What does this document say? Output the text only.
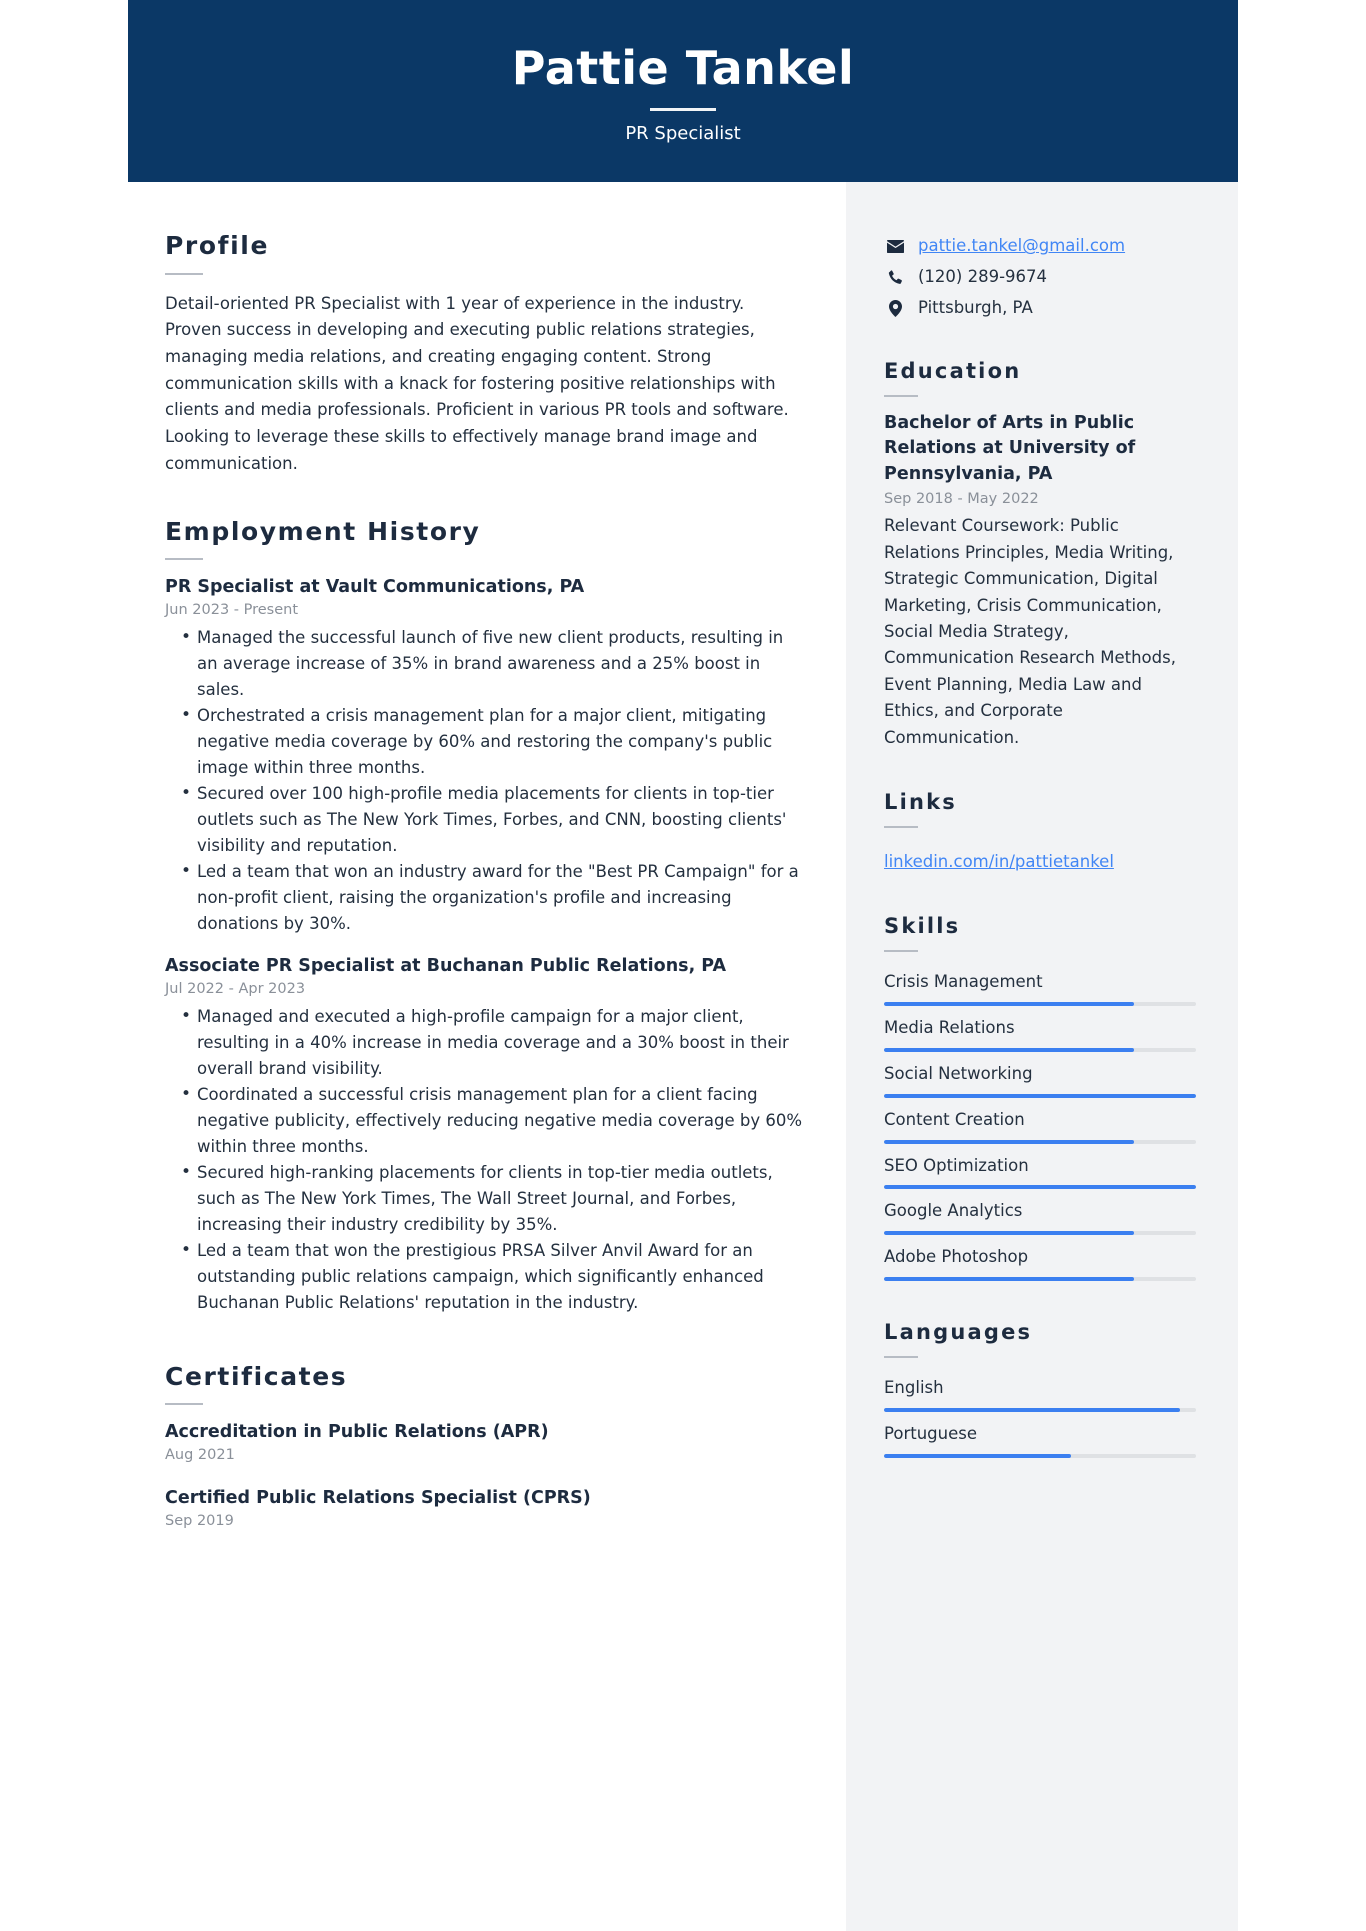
Pattie Tankel
PR Specialist
Profile
Detail-oriented PR Specialist with 1 year of experience in the industry. Proven success in developing and executing public relations strategies, managing media relations, and creating engaging content. Strong communication skills with a knack for fostering positive relationships with clients and media professionals. Proficient in various PR tools and software. Looking to leverage these skills to effectively manage brand image and communication.
Employment History
PR Specialist at Vault Communications, PA
Jun 2023 - Present
• Managed the successful launch of five new client products, resulting in an average increase of 35% in brand awareness and a 25% boost in sales.
• Orchestrated a crisis management plan for a major client, mitigating negative media coverage by 60% and restoring the company's public image within three months.
• Secured over 100 high-profile media placements for clients in top-tier outlets such as The New York Times, Forbes, and CNN, boosting clients' visibility and reputation.
• Led a team that won an industry award for the "Best PR Campaign" for a non-profit client, raising the organization's profile and increasing donations by 30%.
Associate PR Specialist at Buchanan Public Relations, PA
Jul 2022 - Apr 2023
• Managed and executed a high-profile campaign for a major client, resulting in a 40% increase in media coverage and a 30% boost in their overall brand visibility.
• Coordinated a successful crisis management plan for a client facing negative publicity, effectively reducing negative media coverage by 60% within three months.
• Secured high-ranking placements for clients in top-tier media outlets, such as The New York Times, The Wall Street Journal, and Forbes, increasing their industry credibility by 35%.
• Led a team that won the prestigious PRSA Silver Anvil Award for an outstanding public relations campaign, which significantly enhanced Buchanan Public Relations' reputation in the industry.
Certificates
Accreditation in Public Relations (APR)
Aug 2021
Certified Public Relations Specialist (CPRS)
Sep 2019
pattie.tankel@gmail.com
(120) 289-9674
Pittsburgh, PA
Education
Bachelor of Arts in Public Relations at University of Pennsylvania, PA
Sep 2018 - May 2022
Relevant Coursework: Public Relations Principles, Media Writing, Strategic Communication, Digital Marketing, Crisis Communication, Social Media Strategy, Communication Research Methods, Event Planning, Media Law and Ethics, and Corporate Communication.
Links
linkedin.com/in/pattietankel
Skills
Crisis Management
Media Relations
Social Networking
Content Creation
SEO Optimization
Google Analytics
Adobe Photoshop
Languages
English
Portuguese
